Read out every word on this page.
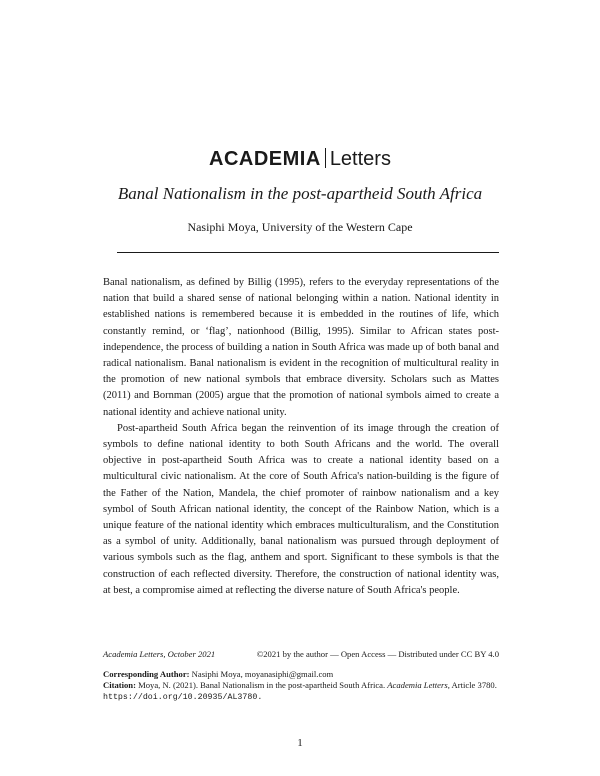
ACADEMIA Letters
Banal Nationalism in the post-apartheid South Africa
Nasiphi Moya, University of the Western Cape

Banal nationalism, as defined by Billig (1995), refers to the everyday representations of the nation that build a shared sense of national belonging within a nation. National identity in established nations is remembered because it is embedded in the routines of life, which constantly remind, or ‘flag’, nationhood (Billig, 1995). Similar to African states post-independence, the process of building a nation in South Africa was made up of both banal and radical nationalism. Banal nationalism is evident in the recognition of multicultural reality in the promotion of new national symbols that embrace diversity. Scholars such as Mattes (2011) and Bornman (2005) argue that the promotion of national symbols aimed to create a national identity and achieve national unity.

Post-apartheid South Africa began the reinvention of its image through the creation of symbols to define national identity to both South Africans and the world. The overall objective in post-apartheid South Africa was to create a national identity based on a multicultural civic nationalism. At the core of South Africa's nation-building is the figure of the Father of the Nation, Mandela, the chief promoter of rainbow nationalism and a key symbol of South African national identity, the concept of the Rainbow Nation, which is a unique feature of the national identity which embraces multiculturalism, and the Constitution as a symbol of unity. Additionally, banal nationalism was pursued through deployment of various symbols such as the flag, anthem and sport. Significant to these symbols is that the construction of each reflected diversity. Therefore, the construction of national identity was, at best, a compromise aimed at reflecting the diverse nature of South Africa's people.

Academia Letters, October 2021	©2021 by the author — Open Access — Distributed under CC BY 4.0
Corresponding Author: Nasiphi Moya, moyanasiphi@gmail.com
Citation: Moya, N. (2021). Banal Nationalism in the post-apartheid South Africa. Academia Letters, Article 3780. https://doi.org/10.20935/AL3780.
1
